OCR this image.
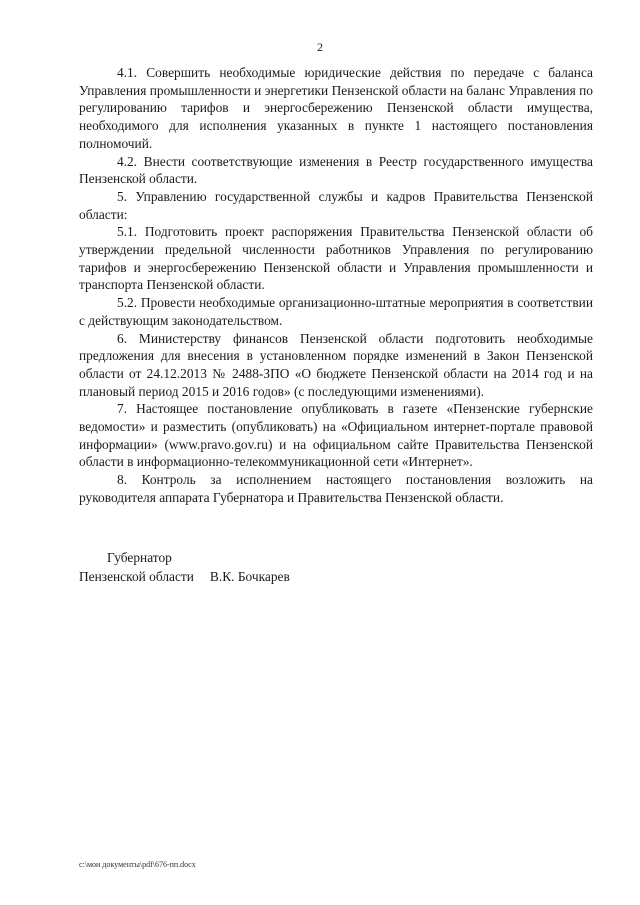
2

4.1. Совершить необходимые юридические действия по передаче с баланса Управления промышленности и энергетики Пензенской области на баланс Управления по регулированию тарифов и энергосбережению Пензенской области имущества, необходимого для исполнения указанных в пункте 1 настоящего постановления полномочий.

4.2. Внести соответствующие изменения в Реестр государственного имущества Пензенской области.

5. Управлению государственной службы и кадров Правительства Пензенской области:

5.1. Подготовить проект распоряжения Правительства Пензенской области об утверждении предельной численности работников Управления по регулированию тарифов и энергосбережению Пензенской области и Управления промышленности и транспорта Пензенской области.

5.2. Провести необходимые организационно-штатные мероприятия в соответствии с действующим законодательством.

6. Министерству финансов Пензенской области подготовить необходимые предложения для внесения в установленном порядке изменений в Закон Пензенской области от 24.12.2013 № 2488-ЗПО «О бюджете Пензенской области на 2014 год и на плановый период 2015 и 2016 годов» (с последующими изменениями).

7. Настоящее постановление опубликовать в газете «Пензенские губернские ведомости» и разместить (опубликовать) на «Официальном интернет-портале правовой информации» (www.pravo.gov.ru) и на официальном сайте Правительства Пензенской области в информационно-телекоммуникационной сети «Интернет».

8. Контроль за исполнением настоящего постановления возложить на руководителя аппарата Губернатора и Правительства Пензенской области.

Губернатор
Пензенской области В.К. Бочкарев
c:\мои документы\pdf\676-пп.docx
